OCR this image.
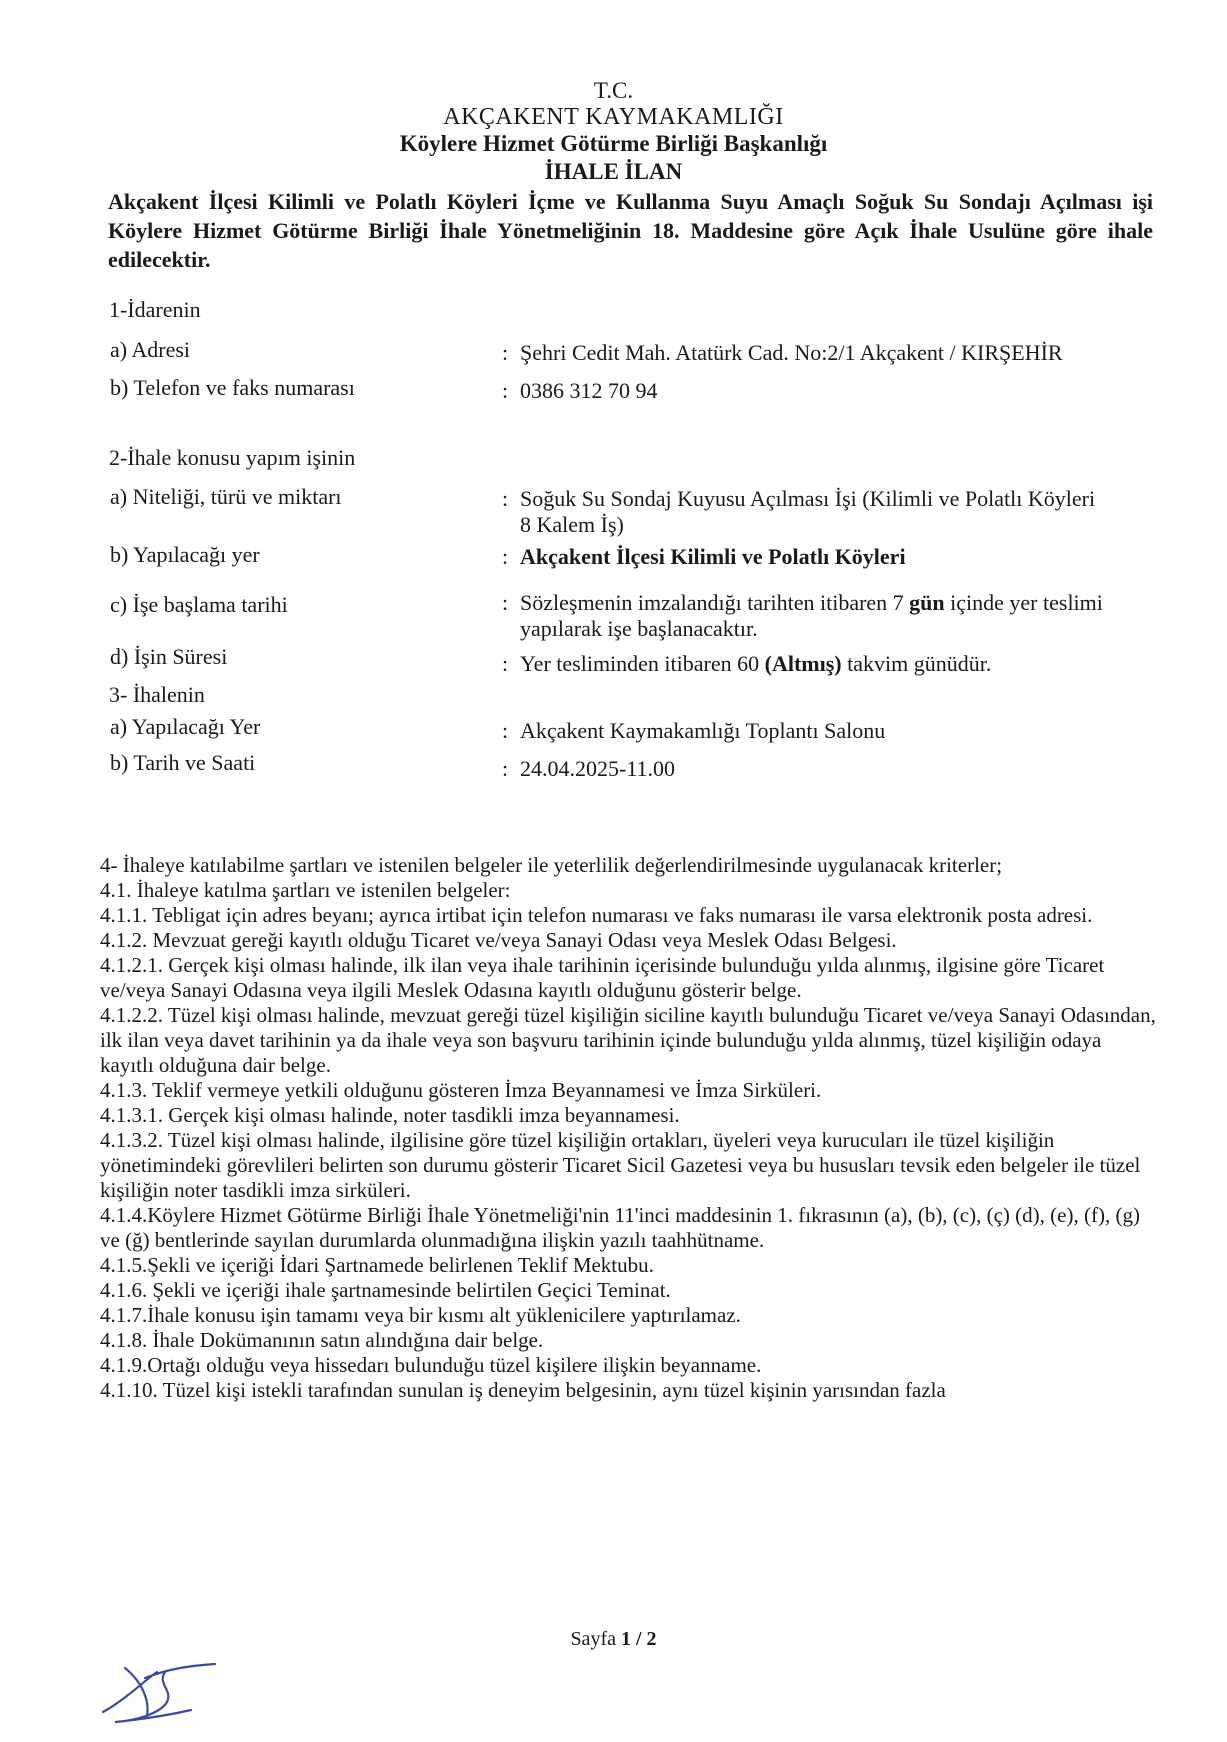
T.C.
AKÇAKENT KAYMAKAMLIĞI
Köylere Hizmet Götürme Birliği Başkanlığı
İHALE İLAN
Akçakent İlçesi Kilimli ve Polatlı Köyleri İçme ve Kullanma Suyu Amaçlı Soğuk Su Sondajı Açılması işi Köylere Hizmet Götürme Birliği İhale Yönetmeliğinin 18. Maddesine göre Açık İhale Usulüne göre ihale edilecektir.
1-İdarenin
a) Adresi	: Şehri Cedit Mah. Atatürk Cad. No:2/1 Akçakent / KIRŞEHİR
b) Telefon ve faks numarası	: 0386 312 70 94
2-İhale konusu yapım işinin
a) Niteliği, türü ve miktarı	: Soğuk Su Sondaj Kuyusu Açılması İşi (Kilimli ve Polatlı Köyleri
8 Kalem İş)
b) Yapılacağı yer	: Akçakent İlçesi Kilimli ve Polatlı Köyleri
c) İşe başlama tarihi	: Sözleşmenin imzalandığı tarihten itibaren 7 gün içinde yer teslimi
yapılarak işe başlanacaktır.
d) İşin Süresi	: Yer tesliminden itibaren 60 (Altmış) takvim günüdür.
3- İhalenin
a) Yapılacağı Yer	: Akçakent Kaymakamlığı Toplantı Salonu
b) Tarih ve Saati	: 24.04.2025-11.00

4- İhaleye katılabilme şartları ve istenilen belgeler ile yeterlilik değerlendirilmesinde uygulanacak kriterler;

4.1. İhaleye katılma şartları ve istenilen belgeler:

4.1.1. Tebligat için adres beyanı; ayrıca irtibat için telefon numarası ve faks numarası ile varsa elektronik posta adresi.

4.1.2. Mevzuat gereği kayıtlı olduğu Ticaret ve/veya Sanayi Odası veya Meslek Odası Belgesi.

4.1.2.1. Gerçek kişi olması halinde, ilk ilan veya ihale tarihinin içerisinde bulunduğu yılda alınmış, ilgisine göre Ticaret ve/veya Sanayi Odasına veya ilgili Meslek Odasına kayıtlı olduğunu gösterir belge.

4.1.2.2. Tüzel kişi olması halinde, mevzuat gereği tüzel kişiliğin siciline kayıtlı bulunduğu Ticaret ve/veya Sanayi Odasından, ilk ilan veya davet tarihinin ya da ihale veya son başvuru tarihinin içinde bulunduğu yılda alınmış, tüzel kişiliğin odaya kayıtlı olduğuna dair belge.

4.1.3. Teklif vermeye yetkili olduğunu gösteren İmza Beyannamesi ve İmza Sirküleri.

4.1.3.1. Gerçek kişi olması halinde, noter tasdikli imza beyannamesi.

4.1.3.2. Tüzel kişi olması halinde, ilgilisine göre tüzel kişiliğin ortakları, üyeleri veya kurucuları ile tüzel kişiliğin yönetimindeki görevlileri belirten son durumu gösterir Ticaret Sicil Gazetesi veya bu hususları tevsik eden belgeler ile tüzel kişiliğin noter tasdikli imza sirküleri.

4.1.4.Köylere Hizmet Götürme Birliği İhale Yönetmeliği'nin 11'inci maddesinin 1. fıkrasının (a), (b), (c), (ç) (d), (e), (f), (g) ve (ğ) bentlerinde sayılan durumlarda olunmadığına ilişkin yazılı taahhütname.

4.1.5.Şekli ve içeriği İdari Şartnamede belirlenen Teklif Mektubu.

4.1.6. Şekli ve içeriği ihale şartnamesinde belirtilen Geçici Teminat.

4.1.7.İhale konusu işin tamamı veya bir kısmı alt yüklenicilere yaptırılamaz.

4.1.8. İhale Dokümanının satın alındığına dair belge.

4.1.9.Ortağı olduğu veya hissedarı bulunduğu tüzel kişilere ilişkin beyanname.

4.1.10. Tüzel kişi istekli tarafından sunulan iş deneyim belgesinin, aynı tüzel kişinin yarısından fazla

Sayfa 1 / 2
